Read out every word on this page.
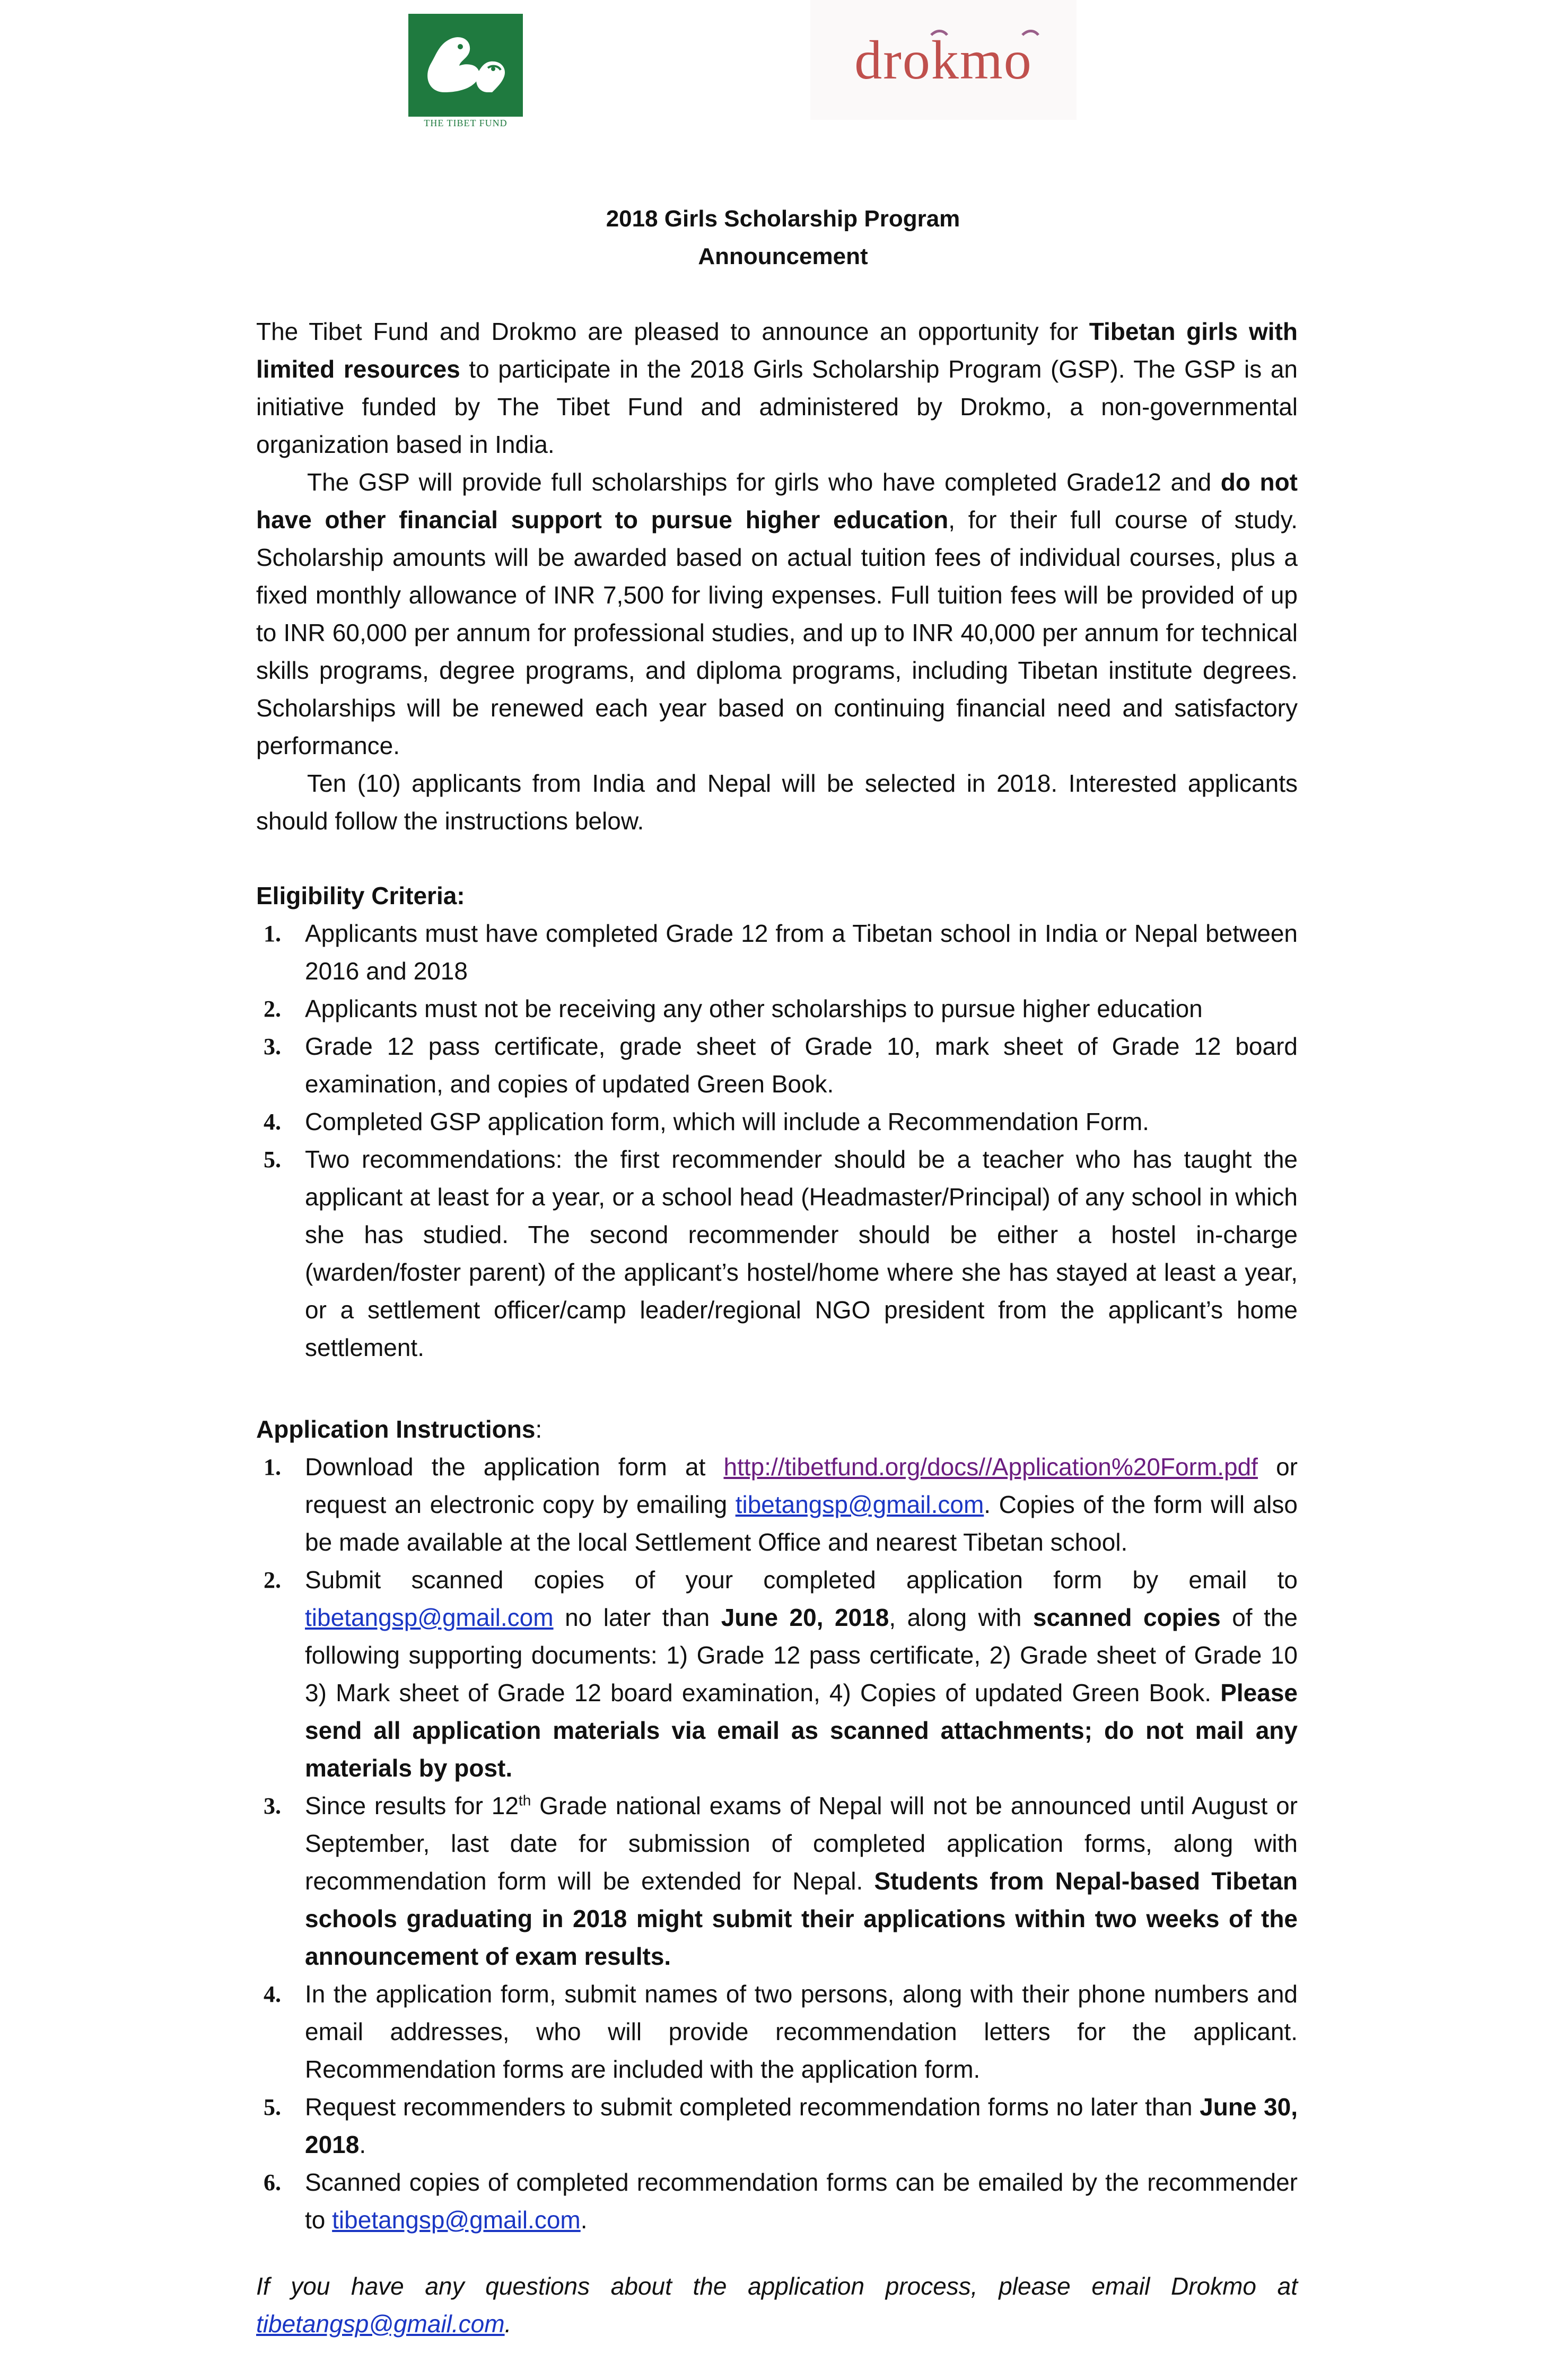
THE TIBET FUND
drokmo
2018 Girls Scholarship Program
Announcement

The Tibet Fund and Drokmo are pleased to announce an opportunity for Tibetan girls with limited resources to participate in the 2018 Girls Scholarship Program (GSP). The GSP is an initiative funded by The Tibet Fund and administered by Drokmo, a non-governmental organization based in India.

The GSP will provide full scholarships for girls who have completed Grade12 and do not have other financial support to pursue higher education, for their full course of study. Scholarship amounts will be awarded based on actual tuition fees of individual courses, plus a fixed monthly allowance of INR 7,500 for living expenses. Full tuition fees will be provided of up to INR 60,000 per annum for professional studies, and up to INR 40,000 per annum for technical skills programs, degree programs, and diploma programs, including Tibetan institute degrees. Scholarships will be renewed each year based on continuing financial need and satisfactory performance.

Ten (10) applicants from India and Nepal will be selected in 2018. Interested applicants should follow the instructions below.

Eligibility Criteria:

1. Applicants must have completed Grade 12 from a Tibetan school in India or Nepal between 2016 and 2018
2. Applicants must not be receiving any other scholarships to pursue higher education
3. Grade 12 pass certificate, grade sheet of Grade 10, mark sheet of Grade 12 board examination, and copies of updated Green Book.
4. Completed GSP application form, which will include a Recommendation Form.
5. Two recommendations: the first recommender should be a teacher who has taught the applicant at least for a year, or a school head (Headmaster/Principal) of any school in which she has studied. The second recommender should be either a hostel in-charge (warden/foster parent) of the applicant’s hostel/home where she has stayed at least a year, or a settlement officer/camp leader/regional NGO president from the applicant’s home settlement.

Application Instructions:

1. Download the application form at http://tibetfund.org/docs//Application%20Form.pdf or request an electronic copy by emailing tibetangsp@gmail.com. Copies of the form will also be made available at the local Settlement Office and nearest Tibetan school.
2. Submit scanned copies of your completed application form by email to tibetangsp@gmail.com no later than June 20, 2018, along with scanned copies of the following supporting documents: 1) Grade 12 pass certificate, 2) Grade sheet of Grade 10 3) Mark sheet of Grade 12 board examination, 4) Copies of updated Green Book. Please send all application materials via email as scanned attachments; do not mail any materials by post.
3. Since results for 12th Grade national exams of Nepal will not be announced until August or September, last date for submission of completed application forms, along with recommendation form will be extended for Nepal. Students from Nepal-based Tibetan schools graduating in 2018 might submit their applications within two weeks of the announcement of exam results.
4. In the application form, submit names of two persons, along with their phone numbers and email addresses, who will provide recommendation letters for the applicant. Recommendation forms are included with the application form.
5. Request recommenders to submit completed recommendation forms no later than June 30, 2018.
6. Scanned copies of completed recommendation forms can be emailed by the recommender to tibetangsp@gmail.com.

If you have any questions about the application process, please email Drokmo at tibetangsp@gmail.com.
